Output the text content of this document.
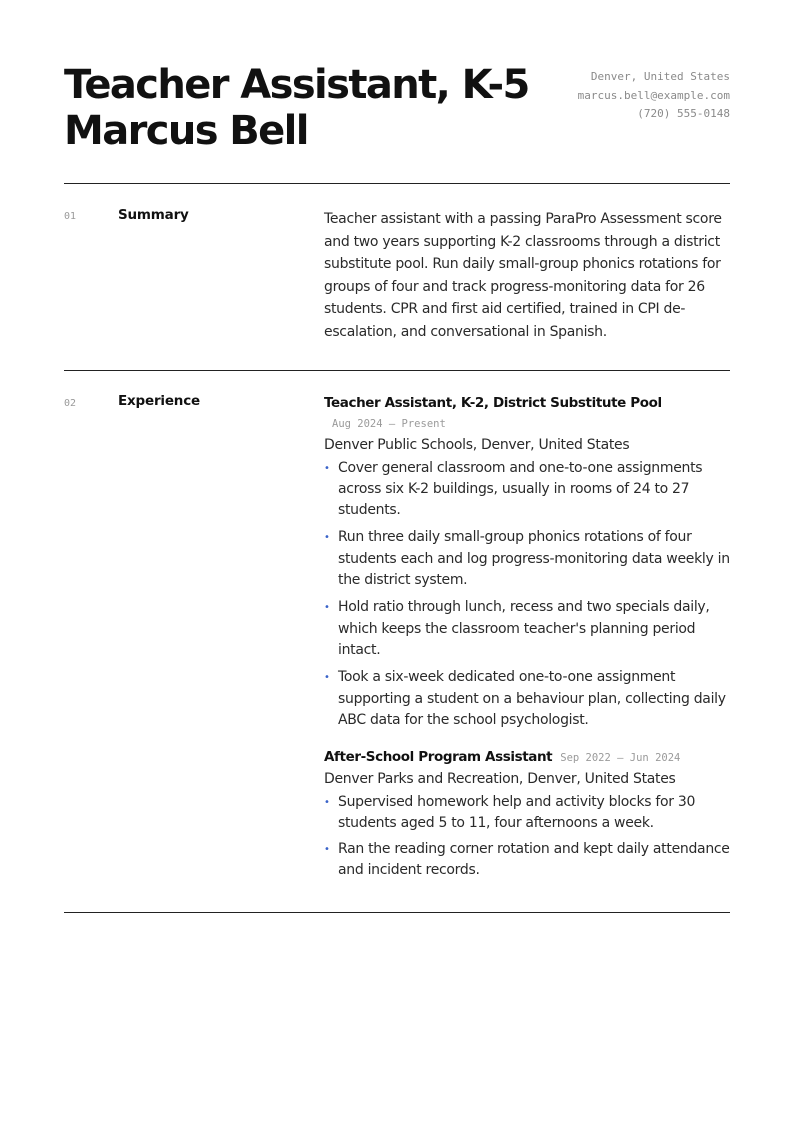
Teacher Assistant, K-5 Marcus Bell
Denver, United States
marcus.bell@example.com
(720) 555-0148
01	Summary	Teacher assistant with a passing ParaPro Assessment score and two years supporting K-2 classrooms through a district substitute pool. Run daily small-group phonics rotations for groups of four and track progress-monitoring data for 26 students. CPR and first aid certified, trained in CPI de-escalation, and conversational in Spanish.

02	Experience	Teacher Assistant, K-2, District Substitute Pool
Aug 2024 — Present
Denver Public Schools, Denver, United States
• Cover general classroom and one-to-one assignments across six K-2 buildings, usually in rooms of 24 to 27 students.
• Run three daily small-group phonics rotations of four students each and log progress-monitoring data weekly in the district system.
• Hold ratio through lunch, recess and two specials daily, which keeps the classroom teacher's planning period intact.
• Took a six-week dedicated one-to-one assignment supporting a student on a behaviour plan, collecting daily ABC data for the school psychologist.
After-School Program Assistant Sep 2022 — Jun 2024
Denver Parks and Recreation, Denver, United States
• Supervised homework help and activity blocks for 30 students aged 5 to 11, four afternoons a week.
• Ran the reading corner rotation and kept daily attendance and incident records.
